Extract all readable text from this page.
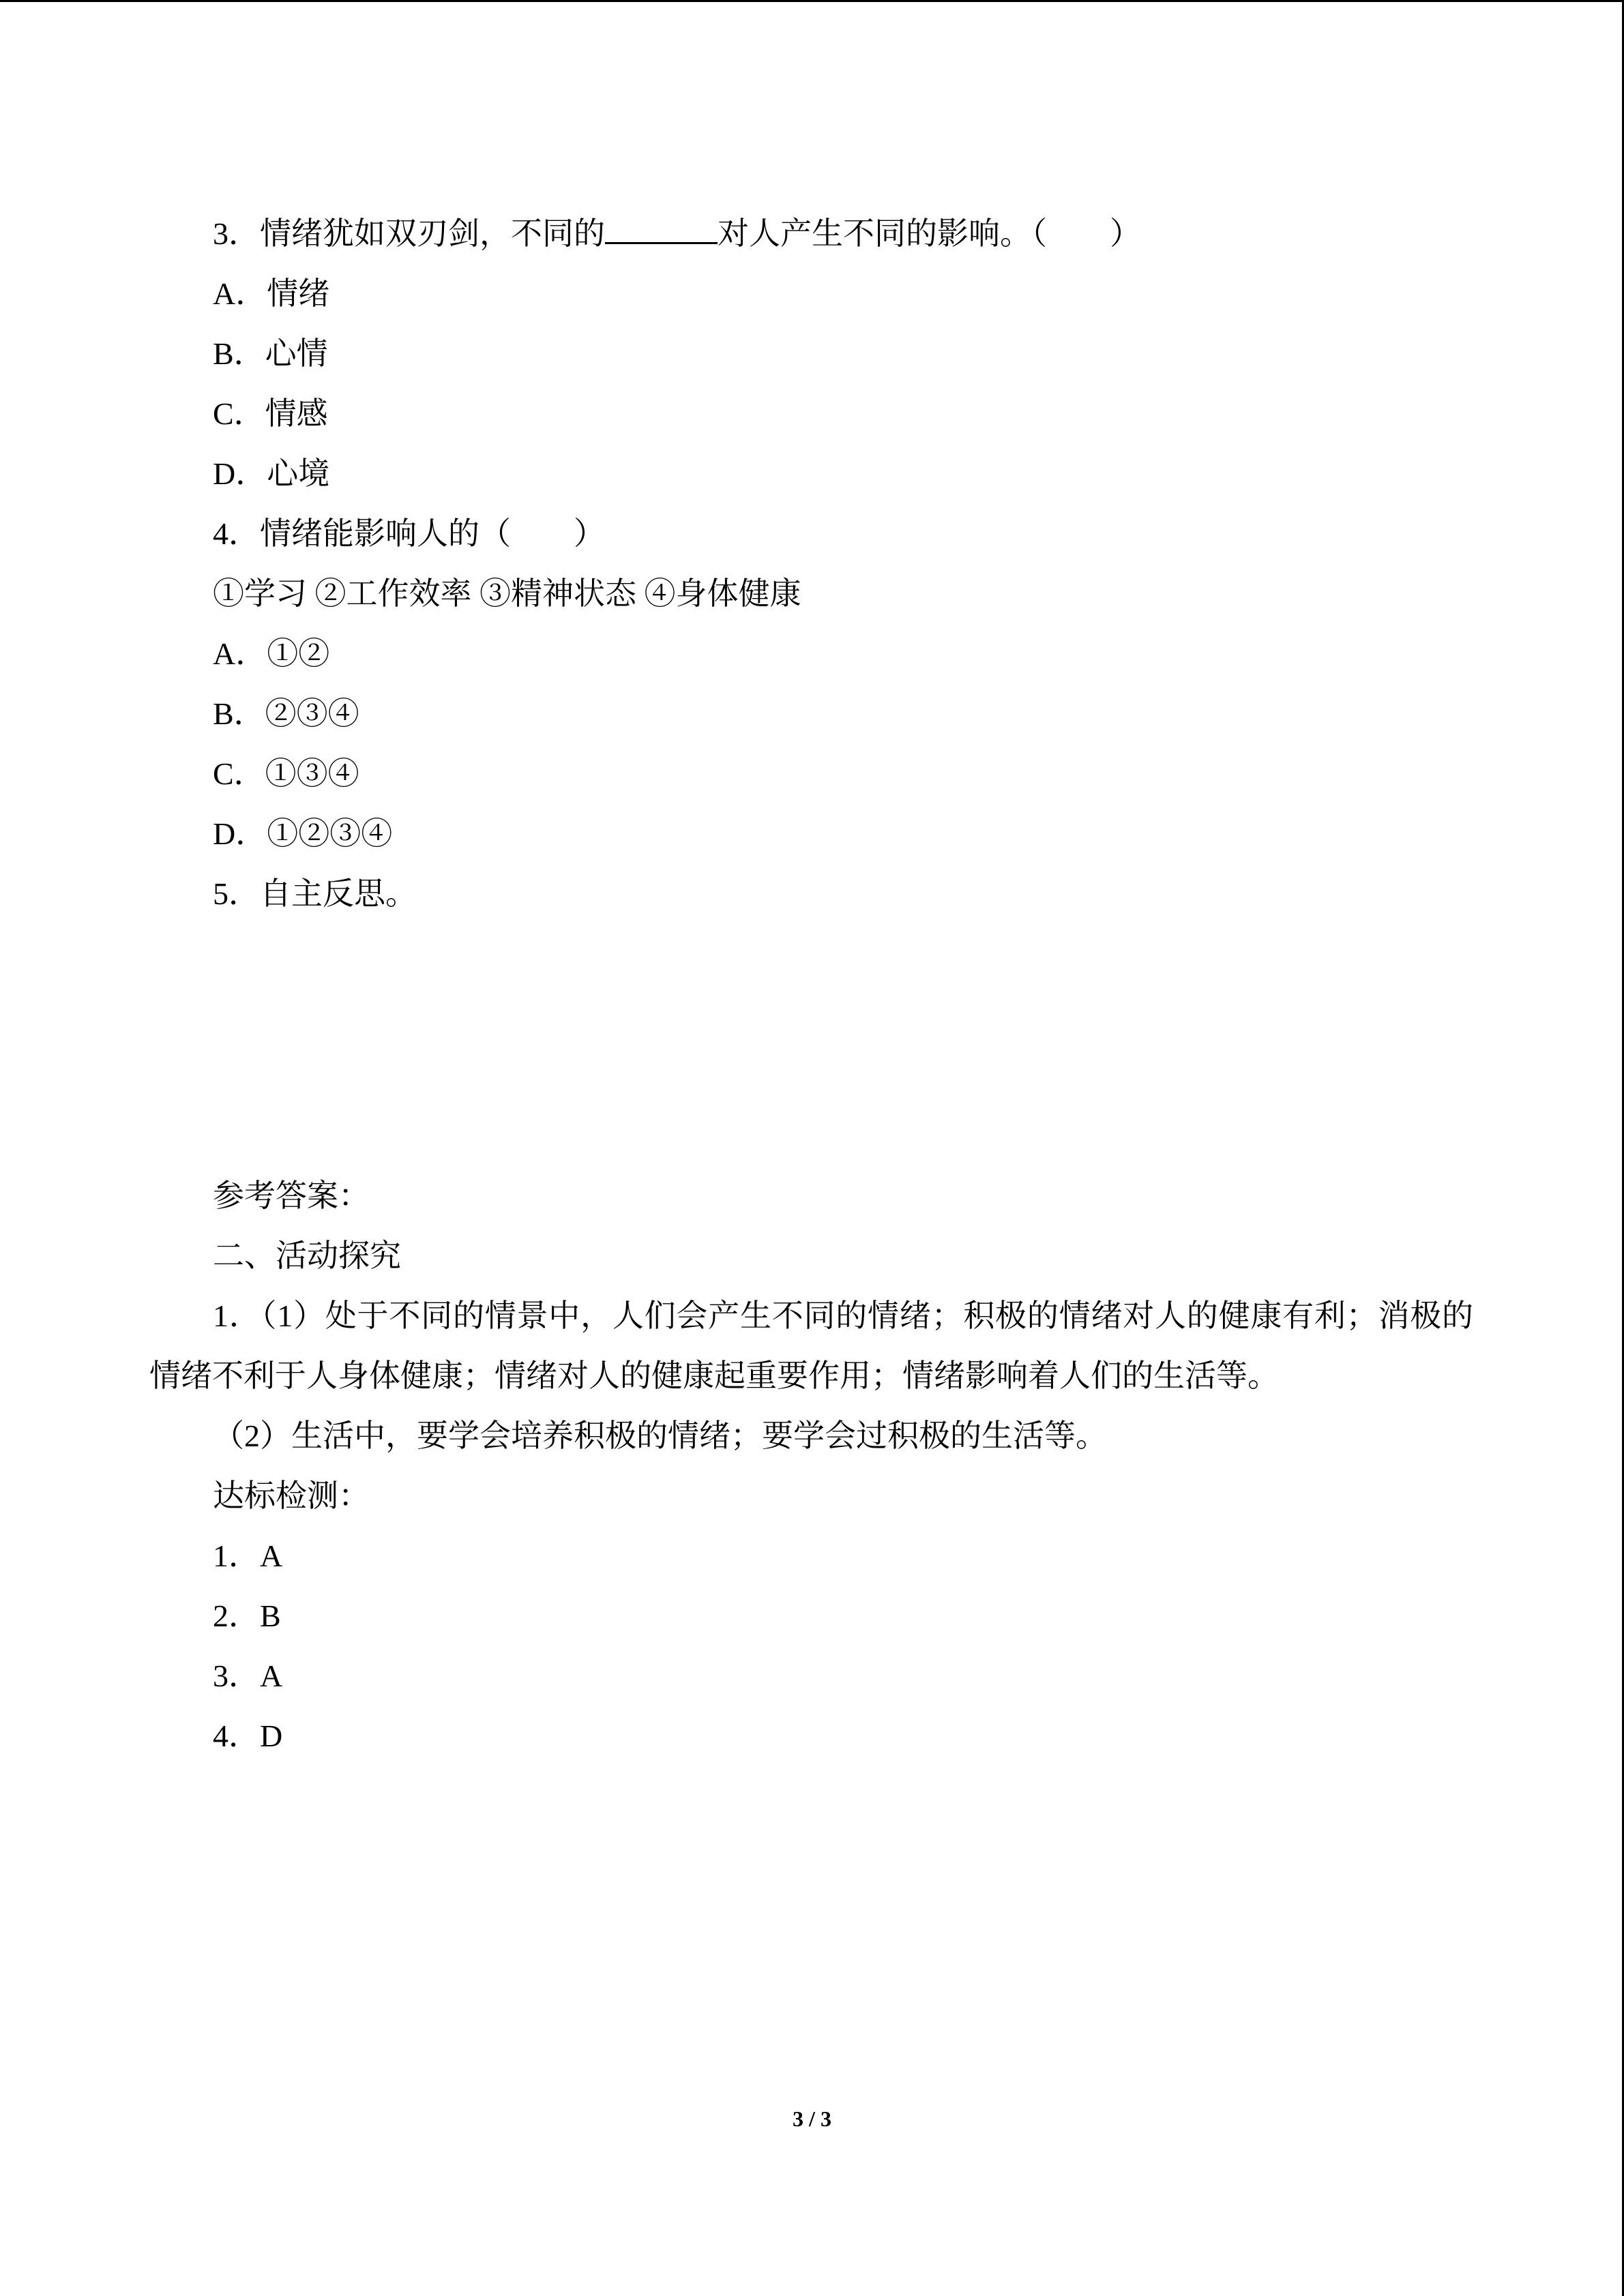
3．情绪犹如双刃剑，不同的	对人产生不同的影响。（　　）
A．情绪
B．心情
C．情感
D．心境
4．情绪能影响人的（　　）
①学习 ②工作效率 ③精神状态 ④身体健康
A．①②
B．②③④
C．①③④
D．①②③④
5．自主反思。
参考答案：
二、活动探究
1．（1）处于不同的情景中，人们会产生不同的情绪；积极的情绪对人的健康有利；消极的情绪不利于人身体健康；情绪对人的健康起重要作用；情绪影响着人们的生活等。
（2）生活中，要学会培养积极的情绪；要学会过积极的生活等。
达标检测：
1．A
2．B
3．A
4．D
3 / 3
